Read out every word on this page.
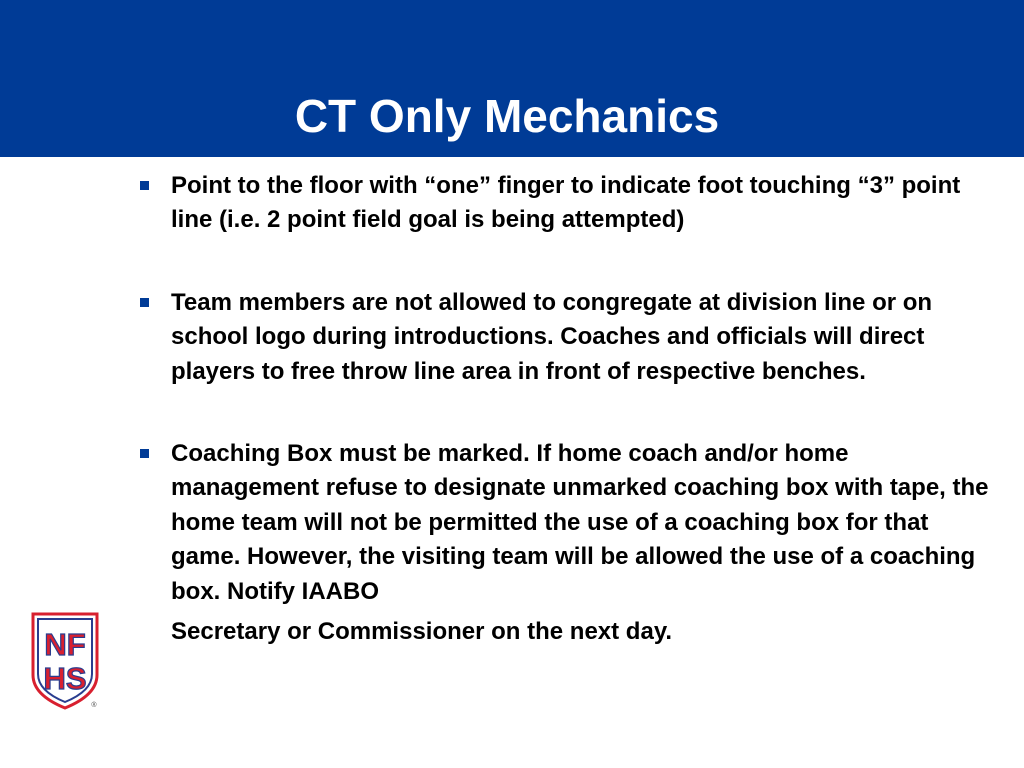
CT Only Mechanics
Point to the floor with “one” finger to indicate foot touching “3” point line (i.e. 2 point field goal is being attempted)
Team members are not allowed to congregate at division line or on school logo during introductions. Coaches and officials will direct players to free throw line area in front of respective benches.
Coaching Box must be marked. If home coach and/or home management refuse to designate unmarked coaching box with tape, the home team will not be permitted the use of a coaching box for that game. However, the visiting team will be allowed the use of a coaching box. Notify IAABO
Secretary or Commissioner on the next day.
NF
HS
®
